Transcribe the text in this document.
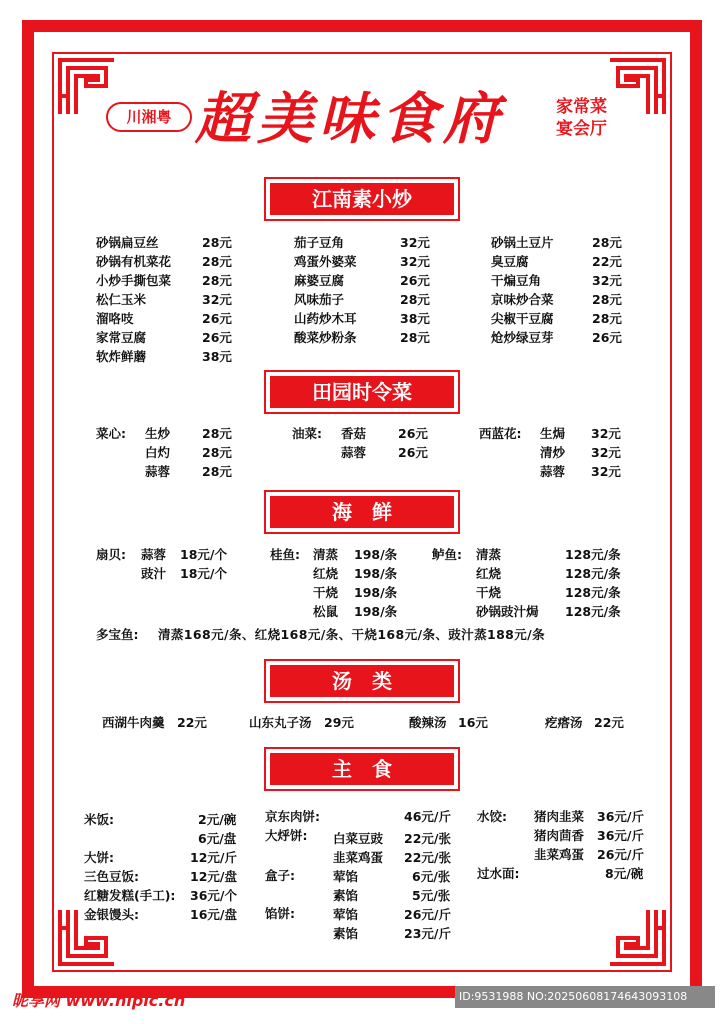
川湘粤 超美味食府	家常菜
宴会厅
江南素小炒
田园时令菜
海　鲜
汤　类
主　食
砂锅扁豆丝	28元
砂锅有机菜花 28元
小炒手撕包菜 28元
松仁玉米	32元
溜咯吱	26元
家常豆腐	26元
软炸鲜蘑	38元
茄子豆角	32元
鸡蛋外婆菜	32元
麻婆豆腐	26元
风味茄子	28元
山药炒木耳	38元
酸菜炒粉条	28元
砂锅土豆片	28元
臭豆腐	22元
干煸豆角	32元
京味炒合菜	28元
尖椒干豆腐	28元
炝炒绿豆芽	26元
菜心: 生炒	28元
白灼	28元
蒜蓉	28元
油菜: 香菇	26元
蒜蓉	26元
西蓝花: 生焗 32元
清炒 32元
蒜蓉 32元
扇贝: 蒜蓉 18元/个
豉汁 18元/个
桂鱼: 清蒸 198/条
红烧 198/条
干烧 198/条
松鼠 198/条
鲈鱼: 清蒸	128元/条
红烧	128元/条
干烧	128元/条
砂锅豉汁焗 128元/条
多宝鱼: 清蒸168元/条、红烧168元/条、干烧168元/条、豉汁蒸188元/条
西湖牛肉羹 22元	山东丸子汤 29元	酸辣汤 16元	疙瘩汤 22元
米饭:	2元/碗
6元/盘
大饼:	12元/斤
三色豆饭:	12元/盘
红糖发糕(手工): 36元/个
金银馒头:	16元/盘
京东肉饼:	46元/斤
大烀饼: 白菜豆豉 22元/张
韭菜鸡蛋 22元/张
盒子:	荤馅	6元/张
素馅	5元/张
馅饼:	荤馅	26元/斤
素馅	23元/斤
水饺: 猪肉韭菜 36元/斤
猪肉茴香 36元/斤
韭菜鸡蛋 26元/斤
过水面:	8元/碗
昵享网 www.nipic.cn	ID:9531988 NO:20250608174643093108
